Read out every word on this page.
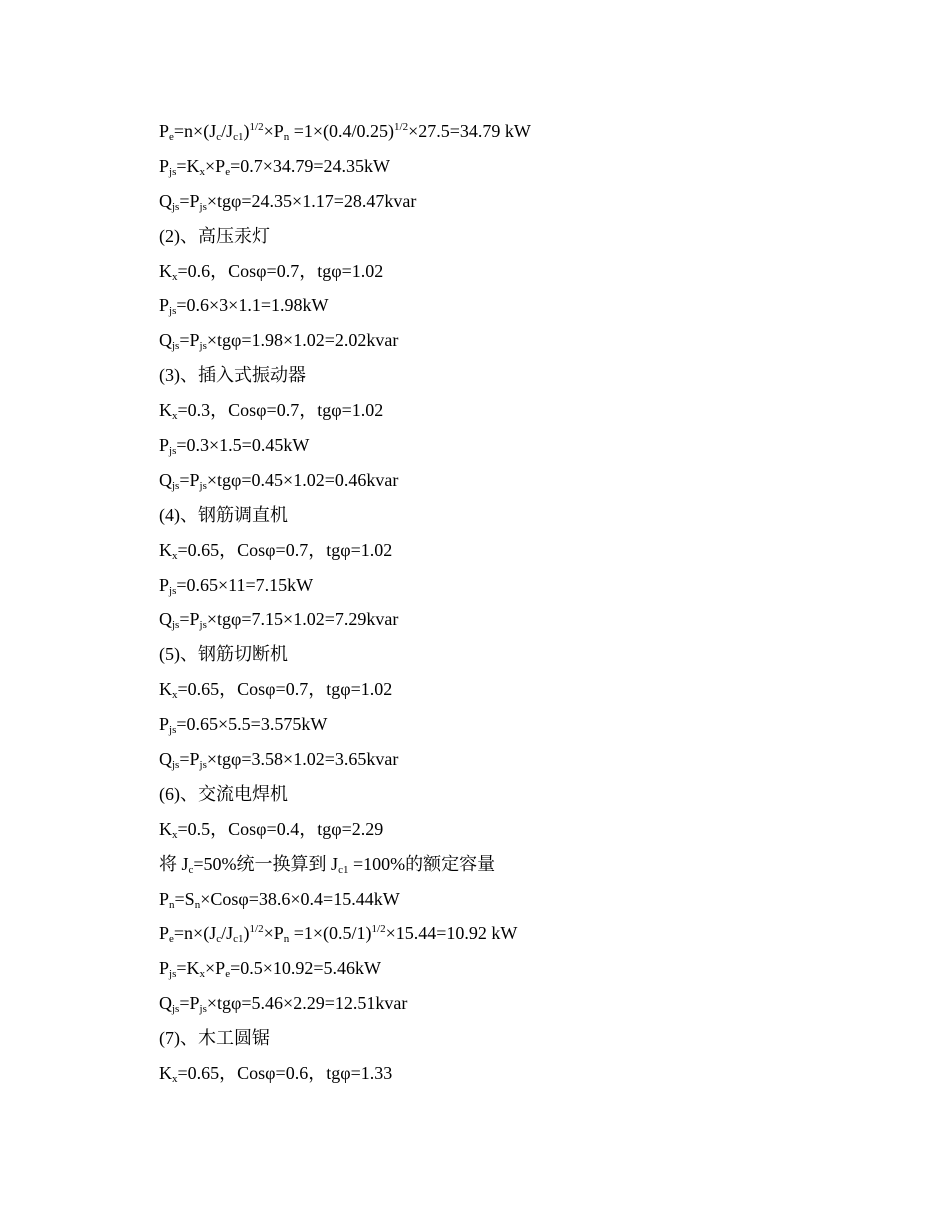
$P_e=n\times(J_c/J_{c1})^{1/2}\times P_n =1\times(0.4/0.25)^{1/2}\times 27.5=34.79$ kW
$P_{js}=K_x\times P_e=0.7\times 34.79=24.35kW$
$Q_{js}=P_{js}\times tg\varphi=24.35\times 1.17=28.47kvar$
(2)、高压汞灯
$K_x=0.6$，Cosφ=0.7，tgφ=1.02
$P_{js}=0.6\times 3\times 1.1=1.98kW$
$Q_{js}=P_{js}\times tg\varphi=1.98\times 1.02=2.02kvar$
(3)、插入式振动器
$K_x=0.3$，Cosφ=0.7，tgφ=1.02
$P_{js}=0.3\times 1.5=0.45kW$
$Q_{js}=P_{js}\times tg\varphi=0.45\times 1.02=0.46kvar$
(4)、钢筋调直机
$K_x=0.65$，Cosφ=0.7，tgφ=1.02
$P_{js}=0.65\times 11=7.15kW$
$Q_{js}=P_{js}\times tg\varphi=7.15\times 1.02=7.29kvar$
(5)、钢筋切断机
$K_x=0.65$，Cosφ=0.7，tgφ=1.02
$P_{js}=0.65\times 5.5=3.575kW$
$Q_{js}=P_{js}\times tg\varphi=3.58\times 1.02=3.65kvar$
(6)、交流电焊机
$K_x=0.5$，Cosφ=0.4，tgφ=2.29
将 $J_c=50\%$统一换算到 $J_{c1} =100\%$的额定容量
$P_n=S_n\times Cos\varphi=38.6\times 0.4=15.44kW$
$P_e=n\times(J_c/J_{c1})^{1/2}\times P_n =1\times(0.5/1)^{1/2}\times 15.44=10.92$ kW
$P_{js}=K_x\times P_e=0.5\times 10.92=5.46kW$
$Q_{js}=P_{js}\times tg\varphi=5.46\times 2.29=12.51kvar$
(7)、木工圆锯
$K_x=0.65$，Cosφ=0.6，tgφ=1.33
